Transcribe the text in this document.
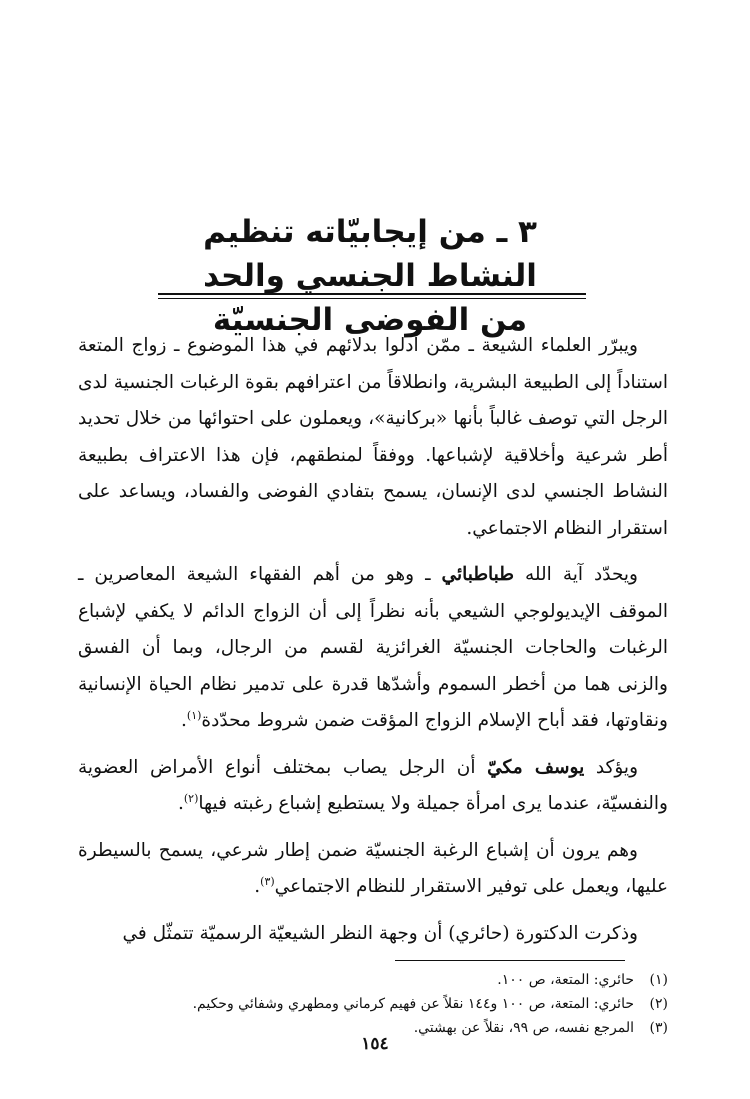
٣ ـ من إيجابيّاته تنظيم النشاط الجنسي والحد
من الفوضى الجنسيّة

ويبرّر العلماء الشيعة ـ ممّن أدلوا بدلائهم في هذا الموضوع ـ زواج المتعة استناداً إلى الطبيعة البشرية، وانطلاقاً من اعترافهم بقوة الرغبات الجنسية لدى الرجل التي توصف غالباً بأنها «بركانية»، ويعملون على احتوائها من خلال تحديد أطر شرعية وأخلاقية لإشباعها. ووفقاً لمنطقهم، فإن هذا الاعتراف بطبيعة النشاط الجنسي لدى الإنسان، يسمح بتفادي الفوضى والفساد، ويساعد على استقرار النظام الاجتماعي.

ويحدّد آية الله طباطبائي ـ وهو من أهم الفقهاء الشيعة المعاصرين ـ الموقف الإيديولوجي الشيعي بأنه نظراً إلى أن الزواج الدائم لا يكفي لإشباع الرغبات والحاجات الجنسيّة الغرائزية لقسم من الرجال، وبما أن الفسق والزنى هما من أخطر السموم وأشدّها قدرة على تدمير نظام الحياة الإنسانية ونقاوتها، فقد أباح الإسلام الزواج المؤقت ضمن شروط محدّدة$^{(١)}$.

ويؤكد يوسف مكيّ أن الرجل يصاب بمختلف أنواع الأمراض العضوية والنفسيّة، عندما يرى امرأة جميلة ولا يستطيع إشباع رغبته فيها$^{(٢)}$.

وهم يرون أن إشباع الرغبة الجنسيّة ضمن إطار شرعي، يسمح بالسيطرة عليها، ويعمل على توفير الاستقرار للنظام الاجتماعي$^{(٣)}$.

وذكرت الدكتورة (حائري) أن وجهة النظر الشيعيّة الرسميّة تتمثّل في

(١)حائري: المتعة، ص ١٠٠.
(٢)حائري: المتعة، ص ١٠٠ و١٤٤ نقلاً عن فهيم كرماني ومطهري وشفائي وحكيم.
(٣)المرجع نفسه، ص ٩٩، نقلاً عن بهشتي.
١٥٤
